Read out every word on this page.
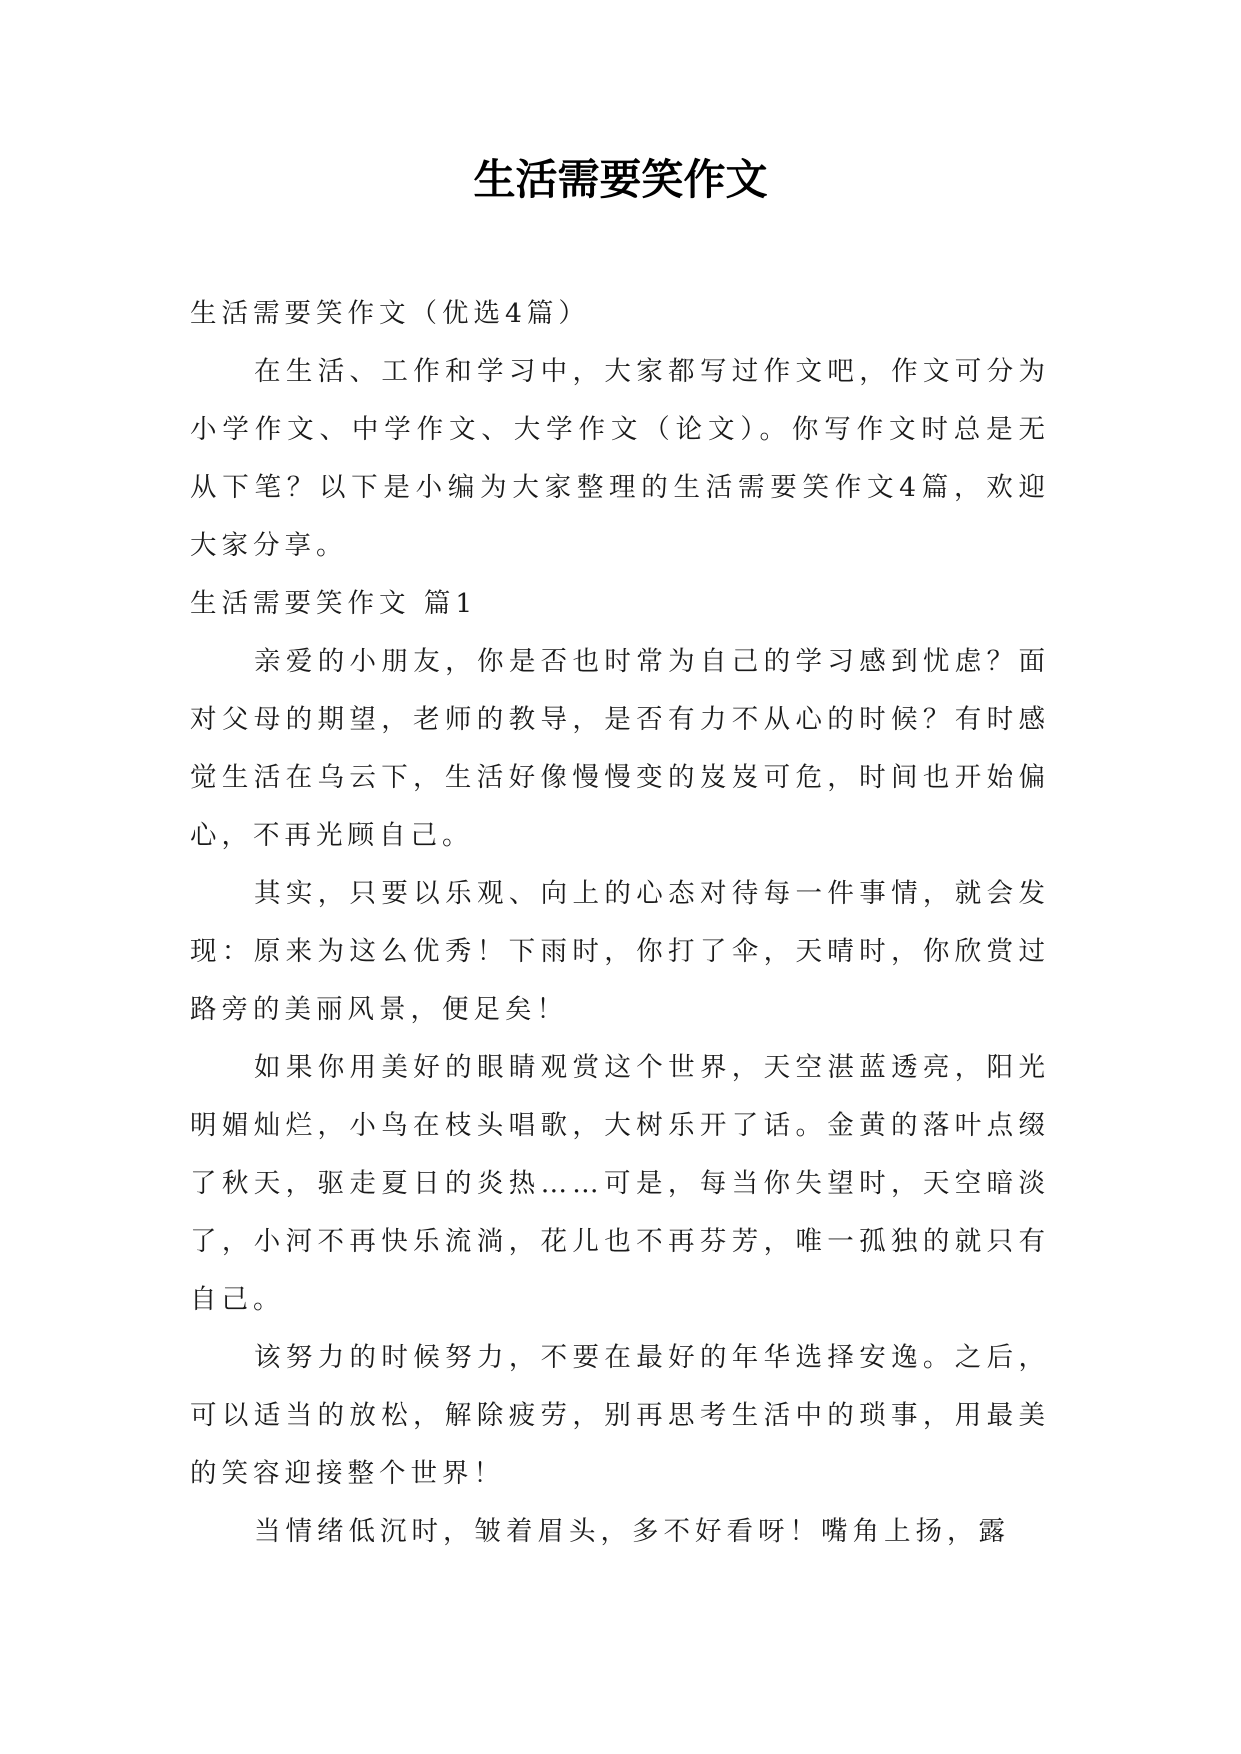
生活需要笑作文

生活需要笑作文（优选4篇）

在生活、工作和学习中，大家都写过作文吧，作文可分为小学作文、中学作文、大学作文（论文）。你写作文时总是无从下笔？以下是小编为大家整理的生活需要笑作文4篇，欢迎大家分享。

生活需要笑作文 篇1

亲爱的小朋友，你是否也时常为自己的学习感到忧虑？面对父母的期望，老师的教导，是否有力不从心的时候？有时感觉生活在乌云下，生活好像慢慢变的岌岌可危，时间也开始偏心，不再光顾自己。

其实，只要以乐观、向上的心态对待每一件事情，就会发现：原来为这么优秀！下雨时，你打了伞，天晴时，你欣赏过路旁的美丽风景，便足矣！

如果你用美好的眼睛观赏这个世界，天空湛蓝透亮，阳光明媚灿烂，小鸟在枝头唱歌，大树乐开了话。金黄的落叶点缀了秋天，驱走夏日的炎热……可是，每当你失望时，天空暗淡了，小河不再快乐流淌，花儿也不再芬芳，唯一孤独的就只有自己。

该努力的时候努力，不要在最好的年华选择安逸。之后，可以适当的放松，解除疲劳，别再思考生活中的琐事，用最美的笑容迎接整个世界！

当情绪低沉时，皱着眉头，多不好看呀！嘴角上扬，露
